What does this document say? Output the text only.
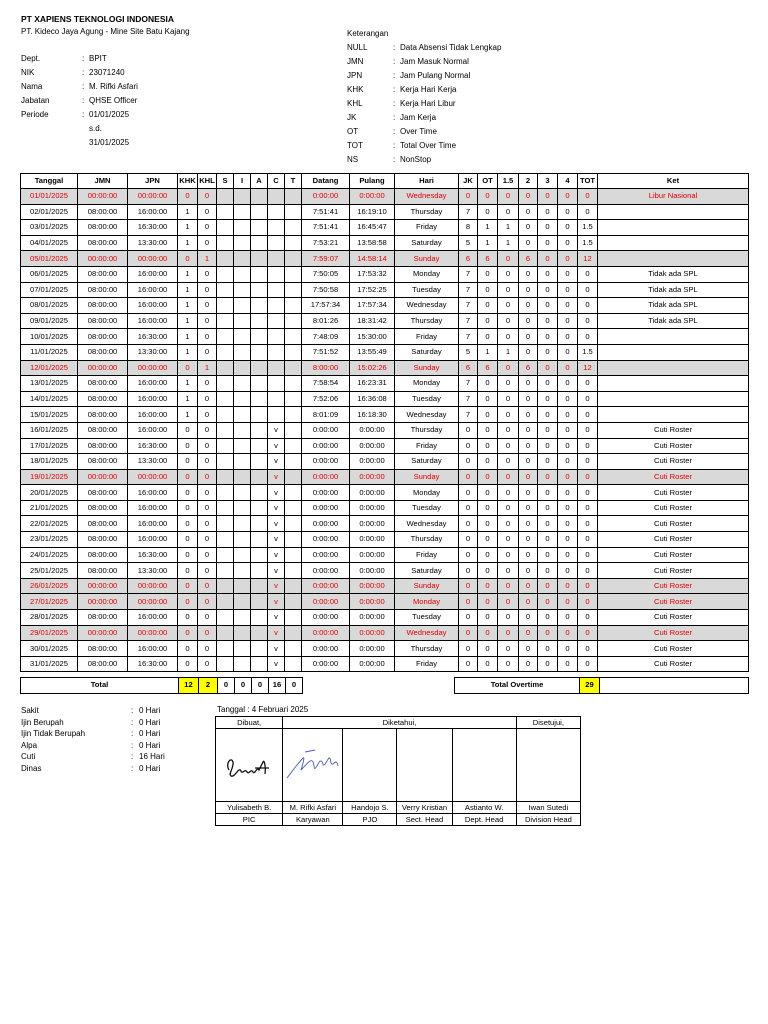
PT XAPIENS TEKNOLOGI INDONESIA
PT. Kideco Jaya Agung - Mine Site Batu Kajang
Dept.	: BPIT
NIK	: 23071240
Nama	: M. Rifki Asfari
Jabatan	: QHSE Officer
Periode	: 01/01/2025
s.d.
31/01/2025
Keterangan
NULL	: Data Absensi Tidak Lengkap
JMN	: Jam Masuk Normal
JPN	: Jam Pulang Normal
KHK	: Kerja Hari Kerja
KHL	: Kerja Hari Libur
JK	: Jam Kerja
OT	: Over Time
TOT	: Total Over Time
NS	: NonStop
Tanggal	JMN	JPN	KHK	KHL	S	I	A	C	T	Datang	Pulang	Hari	JK	OT	1.5	2	3	4	TOT	Ket
01/01/2025	00:00:00	00:00:00	0	0						0:00:00	0:00:00	Wednesday	0	0	0	0	0	0	0	Libur Nasional
02/01/2025	08:00:00	16:00:00	1	0						7:51:41	16:19:10	Thursday	7	0	0	0	0	0	0	
03/01/2025	08:00:00	16:30:00	1	0						7:51:41	16:45:47	Friday	8	1	1	0	0	0	1.5	
04/01/2025	08:00:00	13:30:00	1	0						7:53:21	13:58:58	Saturday	5	1	1	0	0	0	1.5	
05/01/2025	00:00:00	00:00:00	0	1						7:59:07	14:58:14	Sunday	6	6	0	6	0	0	12	
06/01/2025	08:00:00	16:00:00	1	0						7:50:05	17:53:32	Monday	7	0	0	0	0	0	0	Tidak ada SPL
07/01/2025	08:00:00	16:00:00	1	0						7:50:58	17:52:25	Tuesday	7	0	0	0	0	0	0	Tidak ada SPL
08/01/2025	08:00:00	16:00:00	1	0						17:57:34	17:57:34	Wednesday	7	0	0	0	0	0	0	Tidak ada SPL
09/01/2025	08:00:00	16:00:00	1	0						8:01:26	18:31:42	Thursday	7	0	0	0	0	0	0	Tidak ada SPL
10/01/2025	08:00:00	16:30:00	1	0						7:48:09	15:30:00	Friday	7	0	0	0	0	0	0	
11/01/2025	08:00:00	13:30:00	1	0						7:51:52	13:55:49	Saturday	5	1	1	0	0	0	1.5	
12/01/2025	00:00:00	00:00:00	0	1						8:00:00	15:02:26	Sunday	6	6	0	6	0	0	12	
13/01/2025	08:00:00	16:00:00	1	0						7:58:54	16:23:31	Monday	7	0	0	0	0	0	0	
14/01/2025	08:00:00	16:00:00	1	0						7:52:06	16:36:08	Tuesday	7	0	0	0	0	0	0	
15/01/2025	08:00:00	16:00:00	1	0						8:01:09	16:18:30	Wednesday	7	0	0	0	0	0	0	
16/01/2025	08:00:00	16:00:00	0	0				v		0:00:00	0:00:00	Thursday	0	0	0	0	0	0	0	Cuti Roster
17/01/2025	08:00:00	16:30:00	0	0				v		0:00:00	0:00:00	Friday	0	0	0	0	0	0	0	Cuti Roster
18/01/2025	08:00:00	13:30:00	0	0				v		0:00:00	0:00:00	Saturday	0	0	0	0	0	0	0	Cuti Roster
19/01/2025	00:00:00	00:00:00	0	0				v		0:00:00	0:00:00	Sunday	0	0	0	0	0	0	0	Cuti Roster
20/01/2025	08:00:00	16:00:00	0	0				v		0:00:00	0:00:00	Monday	0	0	0	0	0	0	0	Cuti Roster
21/01/2025	08:00:00	16:00:00	0	0				v		0:00:00	0:00:00	Tuesday	0	0	0	0	0	0	0	Cuti Roster
22/01/2025	08:00:00	16:00:00	0	0				v		0:00:00	0:00:00	Wednesday	0	0	0	0	0	0	0	Cuti Roster
23/01/2025	08:00:00	16:00:00	0	0				v		0:00:00	0:00:00	Thursday	0	0	0	0	0	0	0	Cuti Roster
24/01/2025	08:00:00	16:30:00	0	0				v		0:00:00	0:00:00	Friday	0	0	0	0	0	0	0	Cuti Roster
25/01/2025	08:00:00	13:30:00	0	0				v		0:00:00	0:00:00	Saturday	0	0	0	0	0	0	0	Cuti Roster
26/01/2025	00:00:00	00:00:00	0	0				v		0:00:00	0:00:00	Sunday	0	0	0	0	0	0	0	Cuti Roster
27/01/2025	00:00:00	00:00:00	0	0				v		0:00:00	0:00:00	Monday	0	0	0	0	0	0	0	Cuti Roster
28/01/2025	08:00:00	16:00:00	0	0				v		0:00:00	0:00:00	Tuesday	0	0	0	0	0	0	0	Cuti Roster
29/01/2025	00:00:00	00:00:00	0	0				v		0:00:00	0:00:00	Wednesday	0	0	0	0	0	0	0	Cuti Roster
30/01/2025	08:00:00	16:00:00	0	0				v		0:00:00	0:00:00	Thursday	0	0	0	0	0	0	0	Cuti Roster
31/01/2025	08:00:00	16:30:00	0	0				v		0:00:00	0:00:00	Friday	0	0	0	0	0	0	0	Cuti Roster
Total	12	2	0	0	0	16	0	Total Overtime	29	
Sakit	: 0 Hari
Ijin Berupah	: 0 Hari
Ijin Tidak Berupah	: 0 Hari
Alpa	: 0 Hari
Cuti	: 16 Hari
Dinas	: 0 Hari
Tanggal : 4 Februari 2025
Dibuat,	Diketahui,				Disetujui,

Yulisabeth B.	M. Rifki Asfari	Handojo S.	Verry Kristian	Astianto W.	Iwan Sutedi
PIC	Karyawan	PJO	Sect. Head	Dept. Head	Division Head
